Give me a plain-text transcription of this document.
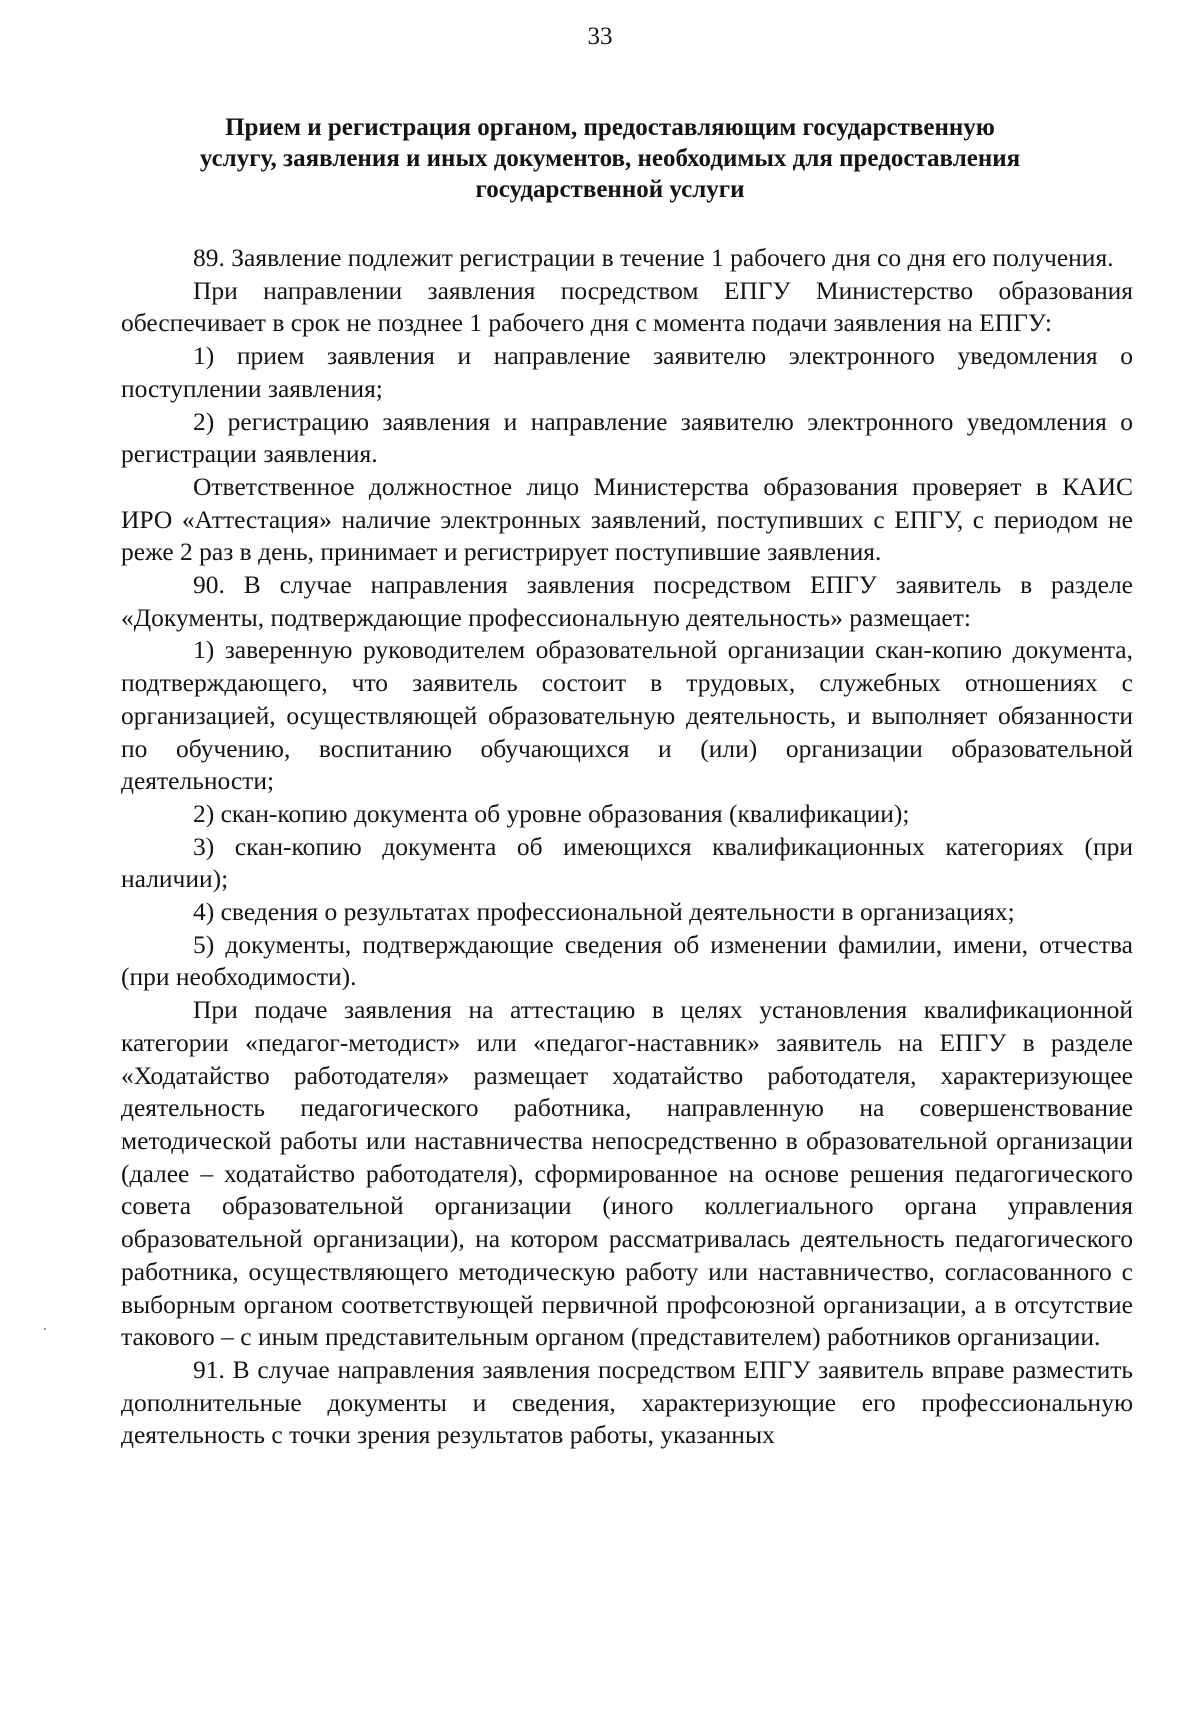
33
Прием и регистрация органом, предоставляющим государственную
услугу, заявления и иных документов, необходимых для предоставления
государственной услуги

89. Заявление подлежит регистрации в течение 1 рабочего дня со дня его получения.

При направлении заявления посредством ЕПГУ Министерство образования обеспечивает в срок не позднее 1 рабочего дня с момента подачи заявления на ЕПГУ:

1) прием заявления и направление заявителю электронного уведомления о поступлении заявления;

2) регистрацию заявления и направление заявителю электронного уведомления о регистрации заявления.

Ответственное должностное лицо Министерства образования проверяет в КАИС ИРО «Аттестация» наличие электронных заявлений, поступивших с ЕПГУ, с периодом не реже 2 раз в день, принимает и регистрирует поступившие заявления.

90. В случае направления заявления посредством ЕПГУ заявитель в разделе «Документы, подтверждающие профессиональную деятельность» размещает:

1) заверенную руководителем образовательной организации скан-копию документа, подтверждающего, что заявитель состоит в трудовых, служебных отношениях с организацией, осуществляющей образовательную деятельность, и выполняет обязанности по обучению, воспитанию обучающихся и (или) организации образовательной деятельности;

2) скан-копию документа об уровне образования (квалификации);

3) скан-копию документа об имеющихся квалификационных категориях (при наличии);

4) сведения о результатах профессиональной деятельности в организациях;

5) документы, подтверждающие сведения об изменении фамилии, имени, отчества (при необходимости).

При подаче заявления на аттестацию в целях установления квалификационной категории «педагог-методист» или «педагог-наставник» заявитель на ЕПГУ в разделе «Ходатайство работодателя» размещает ходатайство работодателя, характеризующее деятельность педагогического работника, направленную на совершенствование методической работы или наставничества непосредственно в образовательной организации (далее – ходатайство работодателя), сформированное на основе решения педагогического совета образовательной организации (иного коллегиального органа управления образовательной организации), на котором рассматривалась деятельность педагогического работника, осуществляющего методическую работу или наставничество, согласованного с выборным органом соответствующей первичной профсоюзной организации, а в отсутствие такового – с иным представительным органом (представителем) работников организации.

91. В случае направления заявления посредством ЕПГУ заявитель вправе разместить дополнительные документы и сведения, характеризующие его профессиональную деятельность с точки зрения результатов работы, указанных
